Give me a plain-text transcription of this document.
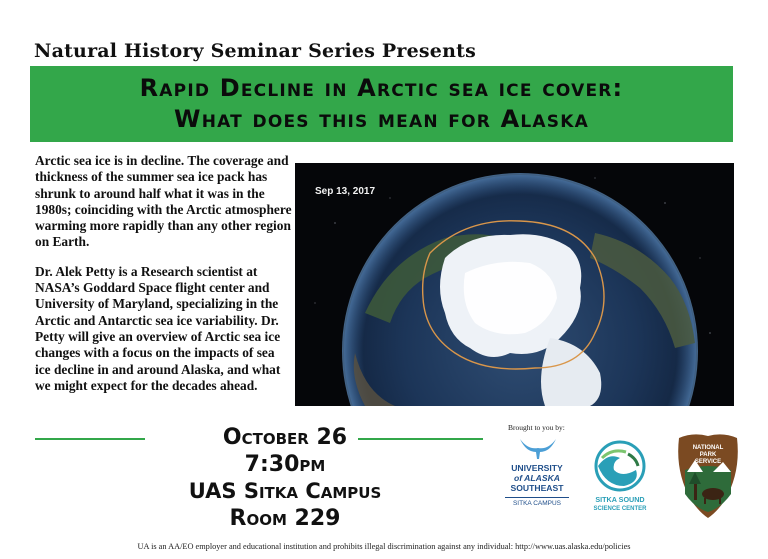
Natural History Seminar Series Presents
Rapid Decline in Arctic sea ice cover:
What does this mean for Alaska

Arctic sea ice is in decline. The coverage and thickness of the summer sea ice pack has shrunk to around half what it was in the 1980s; coinciding with the Arctic atmosphere warming more rapidly than any other region on Earth.

Dr. Alek Petty is a Research scientist at NASA’s Goddard Space flight center and University of Maryland, specializing in the Arctic and Antarctic sea ice variability. Dr. Petty will give an overview of Arctic sea ice changes with a focus on the impacts of sea ice decline in and around Alaska, and what we might expect for the decades ahead.

Sep 13, 2017
October 26
7:30pm
UAS Sitka Campus
Room 229
Brought to you by:
UNIVERSITY
of ALASKA
SOUTHEAST
SITKA CAMPUS	SITKA SOUND
SCIENCE CENTER
NATIONAL
PARK
SERVICE
UA is an AA/EO employer and educational institution and prohibits illegal discrimination against any individual: http://www.uas.alaska.edu/policies
